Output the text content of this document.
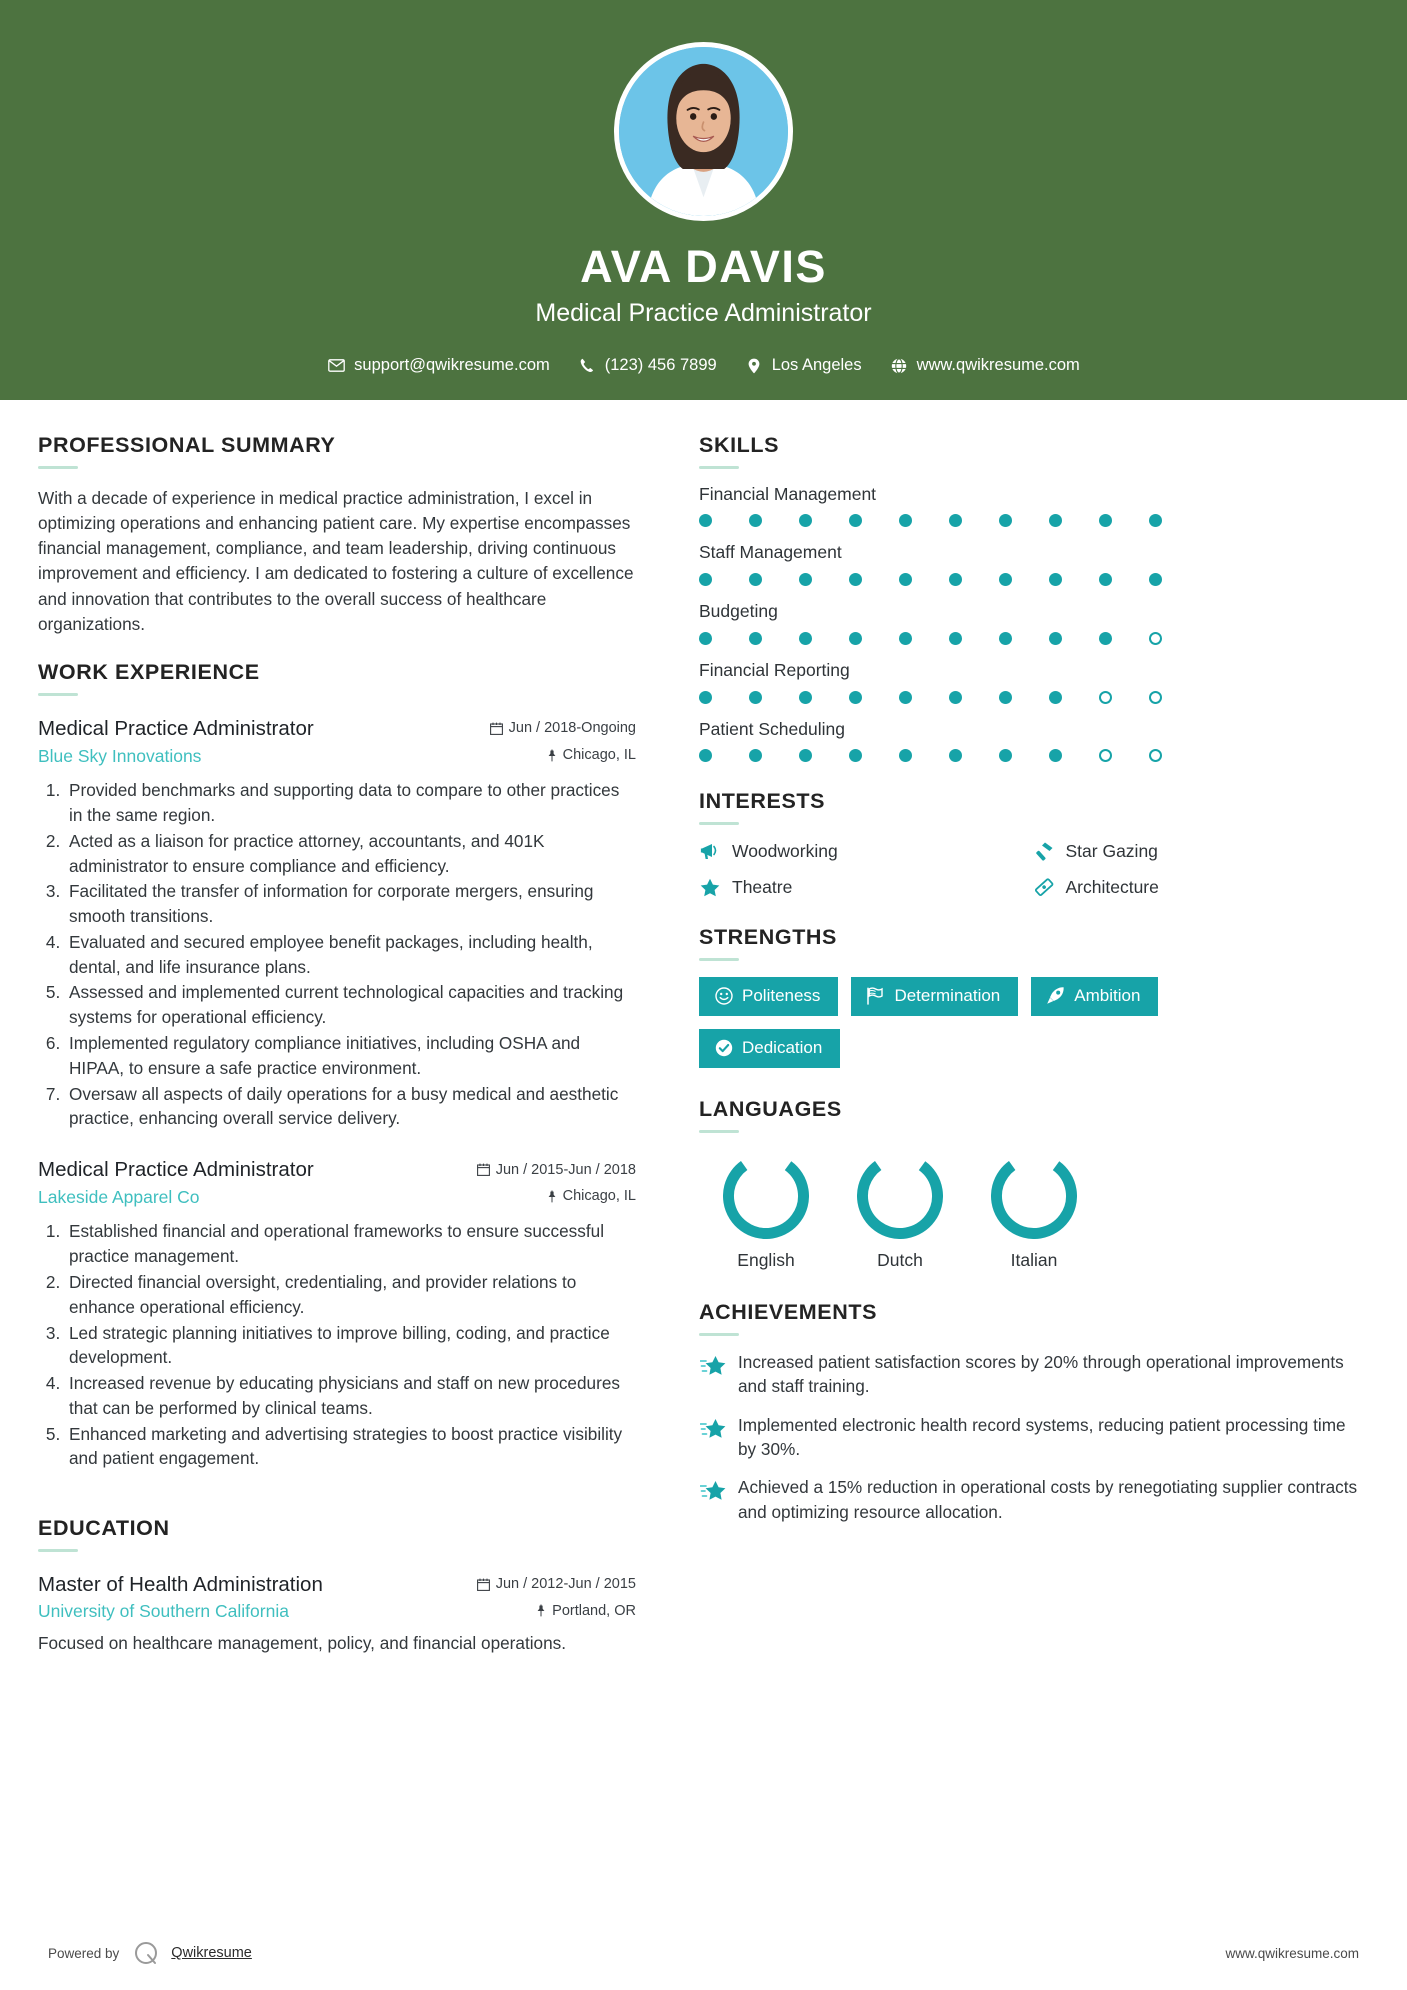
AVA DAVIS
Medical Practice Administrator
support@qwikresume.com	(123) 456 7899	Los Angeles	www.qwikresume.com
PROFESSIONAL SUMMARY

With a decade of experience in medical practice administration, I excel in optimizing operations and enhancing patient care. My expertise encompasses financial management, compliance, and team leadership, driving continuous improvement and efficiency. I am dedicated to fostering a culture of excellence and innovation that contributes to the overall success of healthcare organizations.

WORK EXPERIENCE
Medical Practice Administrator	Jun / 2018-Ongoing
Blue Sky Innovations	Chicago, IL
1. Provided benchmarks and supporting data to compare to other practices in the same region.
2. Acted as a liaison for practice attorney, accountants, and 401K administrator to ensure compliance and efficiency.
3. Facilitated the transfer of information for corporate mergers, ensuring smooth transitions.
4. Evaluated and secured employee benefit packages, including health, dental, and life insurance plans.
5. Assessed and implemented current technological capacities and tracking systems for operational efficiency.
6. Implemented regulatory compliance initiatives, including OSHA and HIPAA, to ensure a safe practice environment.
7. Oversaw all aspects of daily operations for a busy medical and aesthetic practice, enhancing overall service delivery.
Medical Practice Administrator	Jun / 2015-Jun / 2018
Lakeside Apparel Co	Chicago, IL
1. Established financial and operational frameworks to ensure successful practice management.
2. Directed financial oversight, credentialing, and provider relations to enhance operational efficiency.
3. Led strategic planning initiatives to improve billing, coding, and practice development.
4. Increased revenue by educating physicians and staff on new procedures that can be performed by clinical teams.
5. Enhanced marketing and advertising strategies to boost practice visibility and patient engagement.
EDUCATION
Master of Health Administration	Jun / 2012-Jun / 2015
University of Southern California	Portland, OR
Focused on healthcare management, policy, and financial operations.
SKILLS
Financial Management
Staff Management
Budgeting
Financial Reporting
Patient Scheduling
INTERESTS
Woodworking	Star Gazing
Theatre	Architecture
STRENGTHS
Politeness	Determination	Ambition
Dedication
LANGUAGES
English	Dutch	Italian
ACHIEVEMENTS
Increased patient satisfaction scores by 20% through operational improvements and staff training.
Implemented electronic health record systems, reducing patient processing time by 30%.
Achieved a 15% reduction in operational costs by renegotiating supplier contracts and optimizing resource allocation.
Powered by	Qwikresume	www.qwikresume.com
